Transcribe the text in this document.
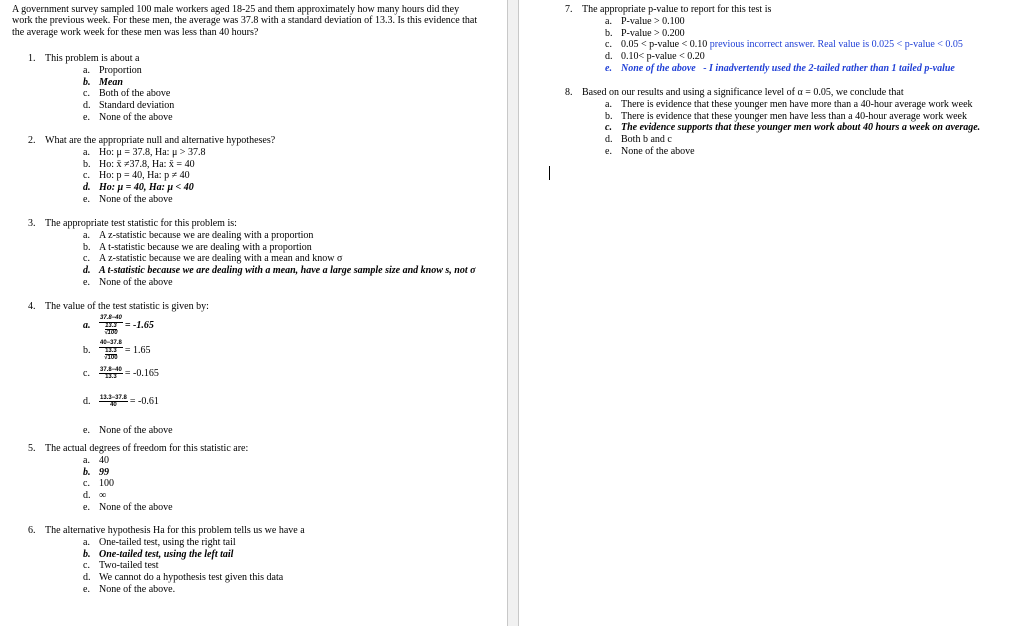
A government survey sampled 100 male workers aged 18-25 and them approximately how many hours did they work the previous week. For these men, the average was 37.8 with a standard deviation of 13.3. Is this evidence that the average work week for these men was less than 40 hours?
1. This problem is about a
a. Proportion
b. Mean
c. Both of the above
d. Standard deviation
e. None of the above
2. What are the appropriate null and alternative hypotheses?
a. Ho: μ = 37.8, Ha: μ > 37.8
b. Ho: x̄ ≠37.8, Ha: x̄ = 40
c. Ho: p = 40, Ha: p ≠ 40
d. Ho: μ = 40, Ha: μ < 40
e. None of the above
3. The appropriate test statistic for this problem is:
a. A z-statistic because we are dealing with a proportion
b. A t-statistic because we are dealing with a proportion
c. A z-statistic because we are dealing with a mean and know σ
d. A t-statistic because we are dealing with a mean, have a large sample size and know s, not σ
e. None of the above
4. The value of the test statistic is given by:
a.	37.8−40
13.3
√100 = -1.65
b.	40−37.8
13.3
√100 = 1.65
c.	$\frac{37.8-40}{13.3} = -0.165$
d.	$\frac{13.3-37.8}{40} = -0.61$
e. None of the above
5. The actual degrees of freedom for this statistic are:
a. 40
b. 99
c. 100
d. ∞
e. None of the above
6. The alternative hypothesis Ha for this problem tells us we have a
a. One-tailed test, using the right tail
b. One-tailed test, using the left tail
c. Two-tailed test
d. We cannot do a hypothesis test given this data
e. None of the above.
7. The appropriate p-value to report for this test is
a. P-value > 0.100
b. P-value > 0.200
c. 0.05 < p-value < 0.10 previous incorrect answer. Real value is 0.025 < p-value < 0.05
d. 0.10< p-value < 0.20
e. None of the above   - I inadvertently used the 2-tailed rather than 1 tailed p-value
8. Based on our results and using a significance level of α = 0.05, we conclude that
a. There is evidence that these younger men have more than a 40-hour average work week
b. There is evidence that these younger men have less than a 40-hour average work week
c. The evidence supports that these younger men work about 40 hours a week on average.
d. Both b and c
e. None of the above
